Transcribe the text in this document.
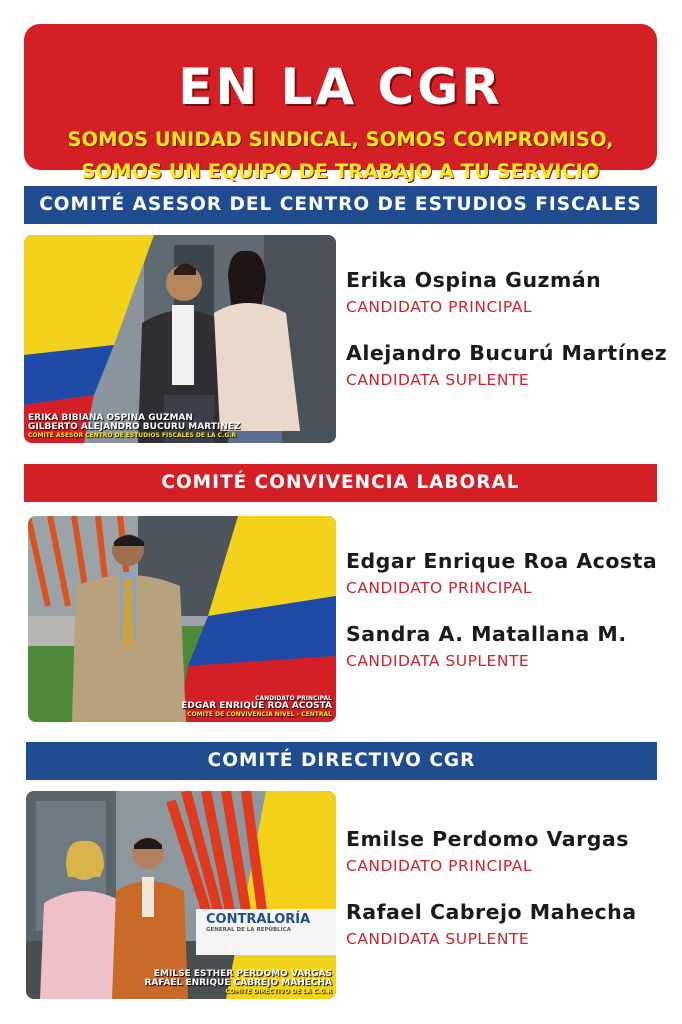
EN LA CGR
SOMOS UNIDAD SINDICAL, SOMOS COMPROMISO,
SOMOS UN EQUIPO DE TRABAJO A TU SERVICIO
COMITÉ ASESOR DEL CENTRO DE ESTUDIOS FISCALES
ERIKA BIBIANA OSPINA GUZMAN
GILBERTO ALEJANDRO BUCURU MARTINEZ
COMITÉ ASESOR CENTRO DE ESTUDIOS FISCALES DE LA C.G.R
Erika Ospina Guzmán
CANDIDATO PRINCIPAL
Alejandro Bucurú Martínez
CANDIDATA SUPLENTE
COMITÉ CONVIVENCIA LABORAL
CANDIDATO PRINCIPAL
EDGAR ENRIQUE ROA ACOSTA
COMITE DE CONVIVENCIA NIVEL - CENTRAL
Edgar Enrique Roa Acosta
CANDIDATO PRINCIPAL
Sandra A. Matallana M.
CANDIDATA SUPLENTE
COMITÉ DIRECTIVO CGR
CONTRALORÍA
GENERAL DE LA REPÚBLICA
EMILSE ESTHER PERDOMO VARGAS
RAFAEL ENRIQUE CABREJO MAHECHA
COMITE DIRECTIVO DE LA C.G.R
Emilse Perdomo Vargas
CANDIDATO PRINCIPAL
Rafael Cabrejo Mahecha
CANDIDATA SUPLENTE
